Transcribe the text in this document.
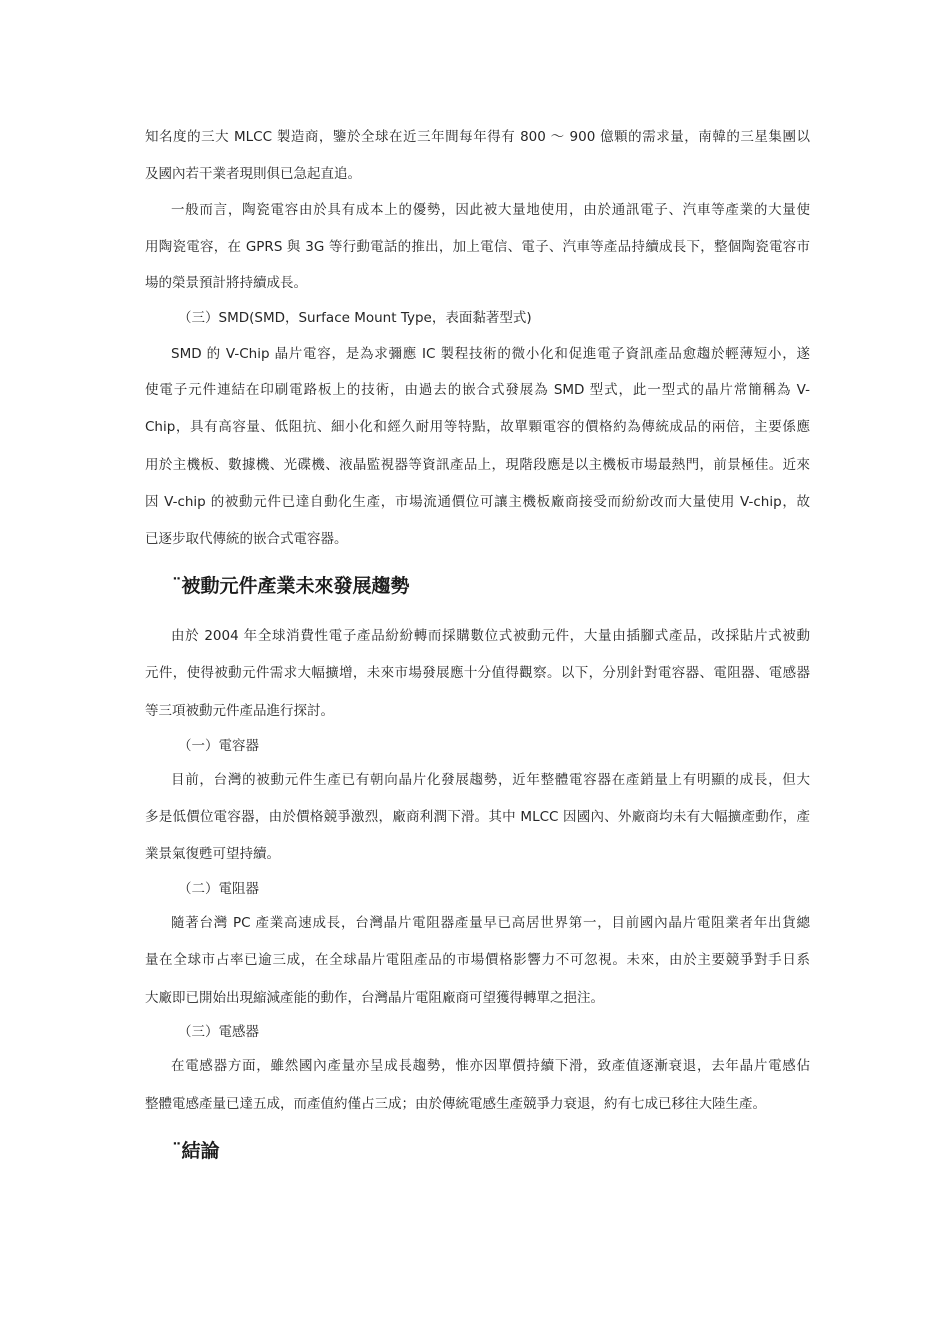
知名度的三大 MLCC 製造商，鑒於全球在近三年間每年得有 800 ～ 900 億顆的需求量，南韓的三星集團以
及國內若干業者現則俱已急起直追。
一般而言，陶瓷電容由於具有成本上的優勢，因此被大量地使用，由於通訊電子、汽車等產業的大量使
用陶瓷電容，在 GPRS 與 3G 等行動電話的推出，加上電信、電子、汽車等產品持續成長下，整個陶瓷電容市
場的榮景預計將持續成長。
（三）SMD(SMD，Surface Mount Type，表面黏著型式)
SMD 的 V-Chip 晶片電容，是為求彌應 IC 製程技術的微小化和促進電子資訊產品愈趨於輕薄短小，遂
使電子元件連結在印刷電路板上的技術，由過去的嵌合式發展為 SMD 型式，此一型式的晶片常簡稱為 V-
Chip，具有高容量、低阻抗、細小化和經久耐用等特點，故單顆電容的價格約為傳統成品的兩倍，主要係應
用於主機板、數據機、光碟機、液晶監視器等資訊產品上，現階段應是以主機板市場最熱門，前景極佳。近來
因 V-chip 的被動元件已達自動化生產，市場流通價位可讓主機板廠商接受而紛紛改而大量使用 V-chip，故
已逐步取代傳統的嵌合式電容器。
¨被動元件產業未來發展趨勢
由於 2004 年全球消費性電子產品紛紛轉而採購數位式被動元件，大量由插腳式產品，改採貼片式被動
元件，使得被動元件需求大幅擴增，未來市場發展應十分值得觀察。以下，分別針對電容器、電阻器、電感器
等三項被動元件產品進行探討。
（一）電容器
目前，台灣的被動元件生產已有朝向晶片化發展趨勢，近年整體電容器在產銷量上有明顯的成長，但大
多是低價位電容器，由於價格競爭激烈，廠商利潤下滑。其中 MLCC 因國內、外廠商均未有大幅擴產動作，產
業景氣復甦可望持續。
（二）電阻器
隨著台灣 PC 產業高速成長，台灣晶片電阻器產量早已高居世界第一，目前國內晶片電阻業者年出貨總
量在全球市占率已逾三成，在全球晶片電阻產品的市場價格影響力不可忽視。未來，由於主要競爭對手日系
大廠即已開始出現縮減產能的動作，台灣晶片電阻廠商可望獲得轉單之挹注。
（三）電感器
在電感器方面，雖然國內產量亦呈成長趨勢，惟亦因單價持續下滑，致產值逐漸衰退，去年晶片電感佔
整體電感產量已達五成，而產值約僅占三成；由於傳統電感生產競爭力衰退，約有七成已移往大陸生產。
¨結論
